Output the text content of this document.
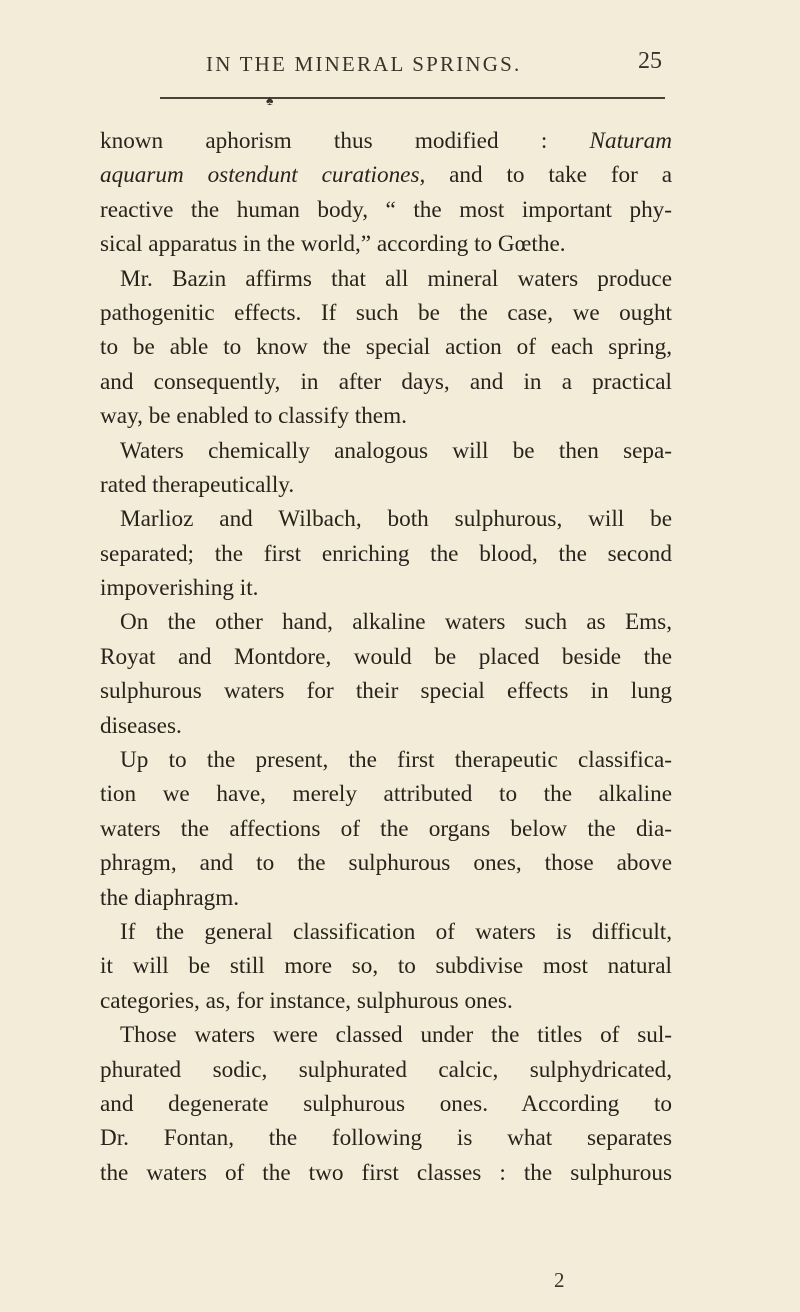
IN THE MINERAL SPRINGS.	25
♠
known aphorism thus modified : Naturam
aquarum ostendunt curationes, and to take for a
reactive the human body, “ the most important phy-
sical apparatus in the world,” according to Gœthe.
Mr. Bazin affirms that all mineral waters produce
pathogenitic effects. If such be the case, we ought
to be able to know the special action of each spring,
and consequently, in after days, and in a practical
way, be enabled to classify them.
Waters chemically analogous will be then sepa-
rated therapeutically.
Marlioz and Wilbach, both sulphurous, will be
separated; the first enriching the blood, the second
impoverishing it.
On the other hand, alkaline waters such as Ems,
Royat and Montdore, would be placed beside the
sulphurous waters for their special effects in lung
diseases.
Up to the present, the first therapeutic classifica-
tion we have, merely attributed to the alkaline
waters the affections of the organs below the dia-
phragm, and to the sulphurous ones, those above
the diaphragm.
If the general classification of waters is difficult,
it will be still more so, to subdivise most natural
categories, as, for instance, sulphurous ones.
Those waters were classed under the titles of sul-
phurated sodic, sulphurated calcic, sulphydricated,
and degenerate sulphurous ones. According to
Dr. Fontan, the following is what separates
the waters of the two first classes : the sulphurous
2
